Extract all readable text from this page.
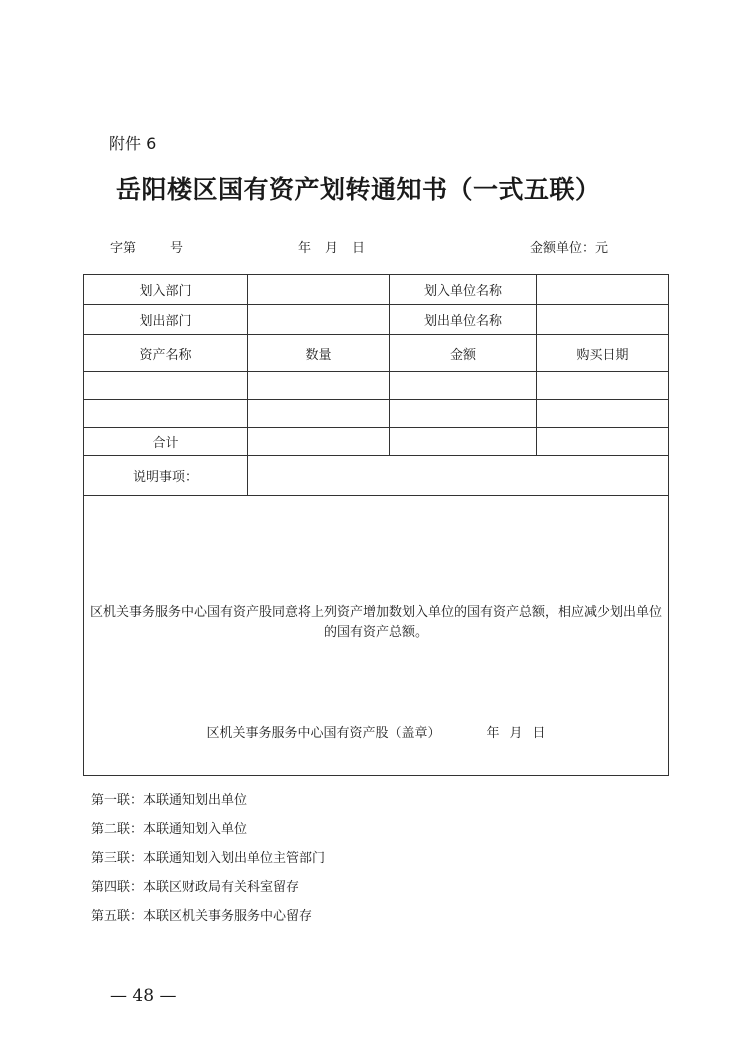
附件 6
岳阳楼区国有资产划转通知书（一式五联）
字第	号	年 月 日	金额单位：元
划入部门		划入单位名称	
划出部门		划出单位名称	
资产名称	数量	金额	购买日期

合计			
说明事项：			

区机关事务服务中心国有资产股同意将上列资产增加数划入单位的国有资产总额，相应减少划出单位的国有资产总额。
区机关事务服务中心国有资产股（盖章） 年 月 日			
第一联：本联通知划出单位
第二联：本联通知划入单位
第三联：本联通知划入划出单位主管部门
第四联：本联区财政局有关科室留存
第五联：本联区机关事务服务中心留存
— 48 —
